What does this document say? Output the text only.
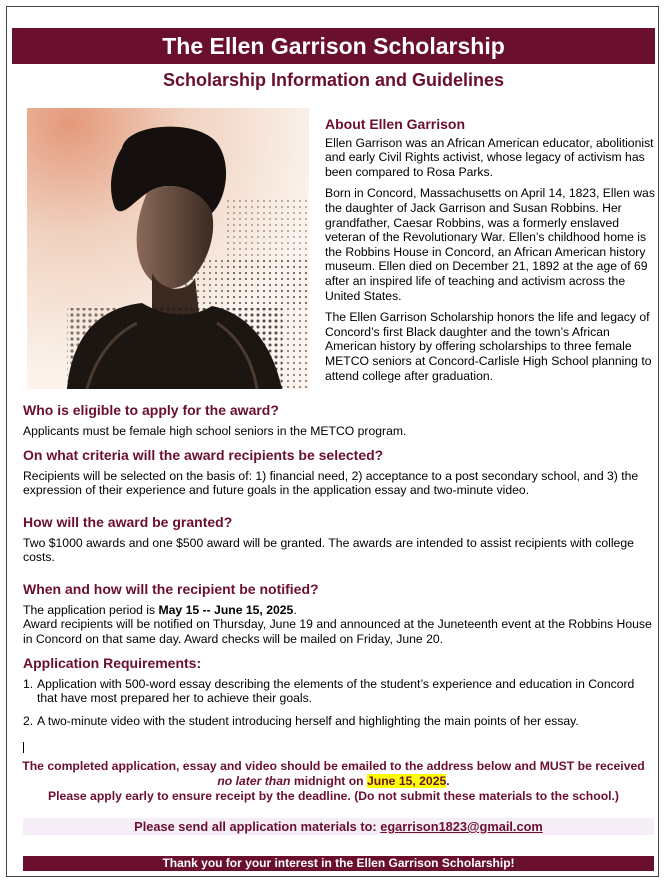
The Ellen Garrison Scholarship
Scholarship Information and Guidelines
About Ellen Garrison

Ellen Garrison was an African American educator, abolitionist and early Civil Rights activist, whose legacy of activism has been compared to Rosa Parks.

Born in Concord, Massachusetts on April 14, 1823, Ellen was the daughter of Jack Garrison and Susan Robbins. Her grandfather, Caesar Robbins, was a formerly enslaved veteran of the Revolutionary War. Ellen’s childhood home is the Robbins House in Concord, an African American history museum. Ellen died on December 21, 1892 at the age of 69 after an inspired life of teaching and activism across the United States.

The Ellen Garrison Scholarship honors the life and legacy of Concord’s first Black daughter and the town’s African American history by offering scholarships to three female METCO seniors at Concord-Carlisle High School planning to attend college after graduation.

Who is eligible to apply for the award?

Applicants must be female high school seniors in the METCO program.

On what criteria will the award recipients be selected?

Recipients will be selected on the basis of: 1) financial need, 2) acceptance to a post secondary school, and 3) the expression of their experience and future goals in the application essay and two-minute video.

How will the award be granted?

Two $1000 awards and one $500 award will be granted. The awards are intended to assist recipients with college costs.

When and how will the recipient be notified?

The application period is May 15 -- June 15, 2025.

Award recipients will be notified on Thursday, June 19 and announced at the Juneteenth event at the Robbins House in Concord on that same day. Award checks will be mailed on Friday, June 20.

Application Requirements:
1. Application with 500-word essay describing the elements of the student’s experience and education in Concord that have most prepared her to achieve their goals.
2. A two-minute video with the student introducing herself and highlighting the main points of her essay.
The completed application, essay and video should be emailed to the address below and MUST be received no later than midnight on June 15, 2025.
Please apply early to ensure receipt by the deadline. (Do not submit these materials to the school.)
Please send all application materials to: egarrison1823@gmail.com
Thank you for your interest in the Ellen Garrison Scholarship!
